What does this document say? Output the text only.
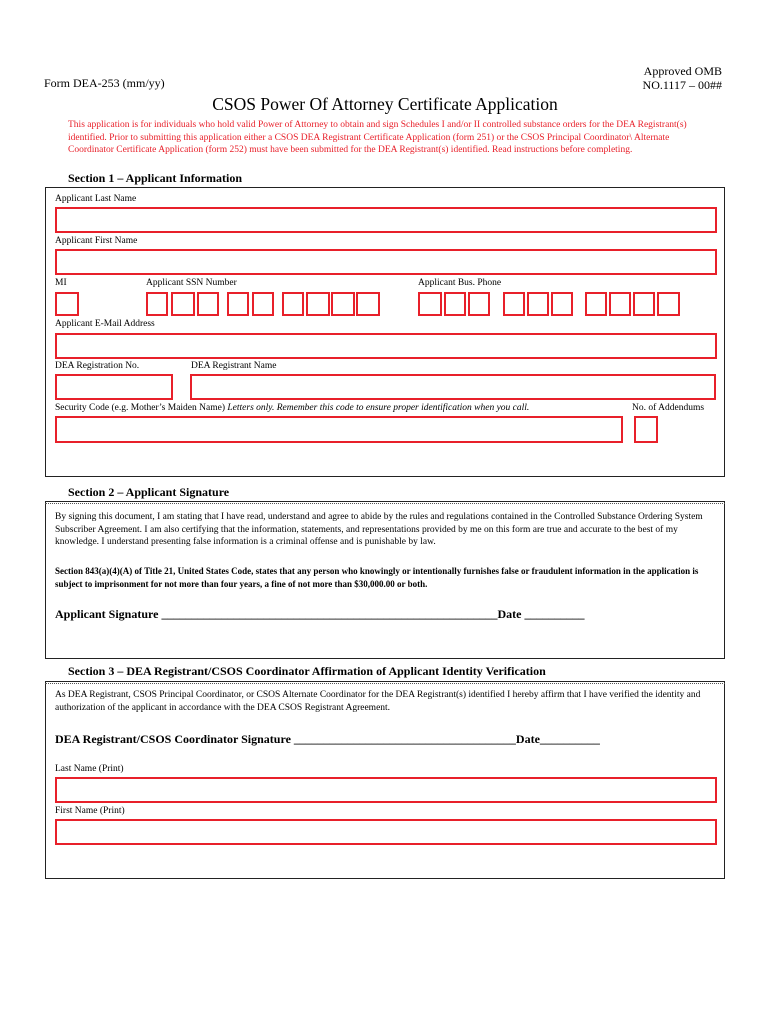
Form DEA-253 (mm/yy)
Approved OMB
NO.1117 – 00##
CSOS Power Of Attorney Certificate Application
This application is for individuals who hold valid Power of Attorney to obtain and sign Schedules I and/or II controlled substance orders for the DEA Registrant(s) identified. Prior to submitting this application either a CSOS DEA Registrant Certificate Application (form 251) or the CSOS Principal Coordinator\ Alternate Coordinator Certificate Application (form 252) must have been submitted for the DEA Registrant(s) identified. Read instructions before completing.
Section 1 – Applicant Information
Applicant Last Name
Applicant First Name
MI	Applicant SSN Number	Applicant Bus. Phone
Applicant E-Mail Address
DEA Registration No.	DEA Registrant Name
Security Code (e.g. Mother’s Maiden Name) Letters only. Remember this code to ensure proper identification when you call.	No. of Addendums
Section 2 – Applicant Signature
By signing this document, I am stating that I have read, understand and agree to abide by the rules and regulations contained in the Controlled Substance Ordering System Subscriber Agreement. I am also certifying that the information, statements, and representations provided by me on this form are true and accurate to the best of my knowledge. I understand presenting false information is a criminal offense and is punishable by law.
Section 843(a)(4)(A) of Title 21, United States Code, states that any person who knowingly or intentionally furnishes false or fraudulent information in the application is subject to imprisonment for not more than four years, a fine of not more than $30,000.00 or both.
Applicant Signature ________________________________________________________Date __________
Section 3 – DEA Registrant/CSOS Coordinator Affirmation of Applicant Identity Verification
As DEA Registrant, CSOS Principal Coordinator, or CSOS Alternate Coordinator for the DEA Registrant(s) identified I hereby affirm that I have verified the identity and authorization of the applicant in accordance with the DEA CSOS Registrant Agreement.
DEA Registrant/CSOS Coordinator Signature _____________________________________Date__________
Last Name (Print)
First Name (Print)
